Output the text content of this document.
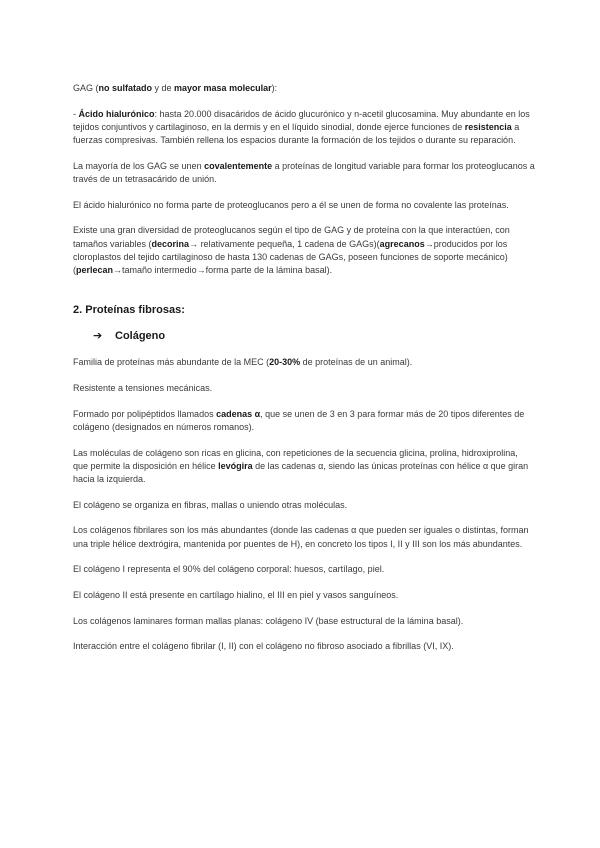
GAG (no sulfatado y de mayor masa molecular):

- Ácido hialurónico: hasta 20.000 disacáridos de ácido glucurónico y n-acetil glucosamina. Muy abundante en los tejidos conjuntivos y cartilaginoso, en la dermis y en el líquido sinodial, donde ejerce funciones de resistencia a fuerzas compresivas. También rellena los espacios durante la formación de los tejidos o durante su reparación.

La mayoría de los GAG se unen covalentemente a proteínas de longitud variable para formar los proteoglucanos a través de un tetrasacárido de unión.

El ácido hialurónico no forma parte de proteoglucanos pero a él se unen de forma no covalente las proteínas.

Existe una gran diversidad de proteoglucanos según el tipo de GAG y de proteína con la que interactúen, con tamaños variables (decorina→ relativamente pequeña, 1 cadena de GAGs)(agrecanos→producidos por los cloroplastos del tejido cartilaginoso de hasta 130 cadenas de GAGs, poseen funciones de soporte mecánico)(perlecan→tamaño intermedio→forma parte de la lámina basal).

2. Proteínas fibrosas:
➔ Colágeno

Familia de proteínas más abundante de la MEC (20-30% de proteínas de un animal).

Resistente a tensiones mecánicas.

Formado por polipéptidos llamados cadenas α, que se unen de 3 en 3 para formar más de 20 tipos diferentes de colágeno (designados en números romanos).

Las moléculas de colágeno son ricas en glicina, con repeticiones de la secuencia glicina, prolina, hidroxiprolina, que permite la disposición en hélice levógira de las cadenas α, siendo las únicas proteínas con hélice α que giran hacia la izquierda.

El colágeno se organiza en fibras, mallas o uniendo otras moléculas.

Los colágenos fibrilares son los más abundantes (donde las cadenas α que pueden ser iguales o distintas, forman una triple hélice dextrógira, mantenida por puentes de H), en concreto los tipos I, II y III son los más abundantes.

El colágeno I representa el 90% del colágeno corporal: huesos, cartílago, piel.

El colágeno II está presente en cartílago hialino, el III en piel y vasos sanguíneos.

Los colágenos laminares forman mallas planas: colágeno IV (base estructural de la lámina basal).

Interacción entre el colágeno fibrilar (I, II) con el colágeno no fibroso asociado a fibrillas (VI, IX).
